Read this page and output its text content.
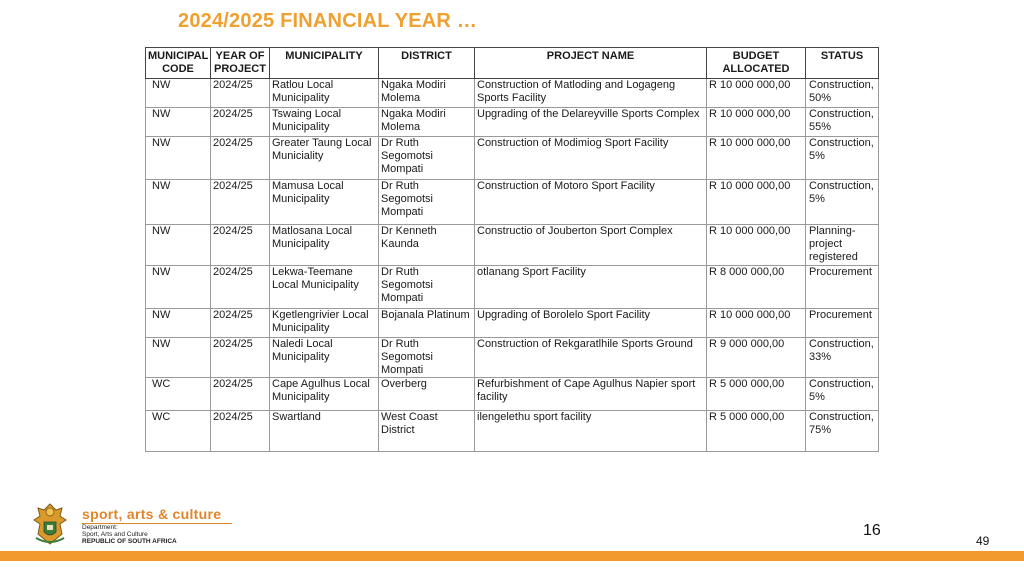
2024/2025 FINANCIAL YEAR …
MUNICIPAL CODE	YEAR OF PROJECT	MUNICIPALITY	DISTRICT	PROJECT NAME	BUDGET ALLOCATED	STATUS
NW	2024/25	Ratlou Local Municipality	Ngaka Modiri Molema	Construction of Matloding and Logageng Sports Facility	R 10 000 000,00	Construction, 50%
NW	2024/25	Tswaing Local Municipality	Ngaka Modiri Molema	Upgrading of the Delareyville Sports Complex	R 10 000 000,00	Construction, 55%
NW	2024/25	Greater Taung Local Municiality	Dr Ruth Segomotsi Mompati	Construction of Modimiog Sport Facility	R 10 000 000,00	Construction, 5%
NW	2024/25	Mamusa Local Municipality	Dr Ruth Segomotsi Mompati	Construction of Motoro Sport Facility	R 10 000 000,00	Construction, 5%
NW	2024/25	Matlosana Local Municipality	Dr Kenneth Kaunda	Constructio of Jouberton Sport Complex	R 10 000 000,00	Planning- project registered
NW	2024/25	Lekwa-Teemane Local Municipality	Dr Ruth Segomotsi Mompati	otlanang Sport Facility	R 8 000 000,00	Procurement
NW	2024/25	Kgetlengrivier Local Municipality	Bojanala Platinum	Upgrading of Borolelo Sport Facility	R 10 000 000,00	Procurement
NW	2024/25	Naledi Local Municipality	Dr Ruth Segomotsi Mompati	Construction of Rekgaratlhile Sports Ground	R 9 000 000,00	Construction, 33%
WC	2024/25	Cape Agulhus Local Municipality	Overberg	Refurbishment of Cape Agulhus Napier sport facility	R 5 000 000,00	Construction, 5%
WC	2024/25	Swartland	West Coast District	ilengelethu sport facility	R 5 000 000,00	Construction, 75%
sport, arts & culture
Department:
Sport, Arts and Culture
REPUBLIC OF SOUTH AFRICA
16
49
